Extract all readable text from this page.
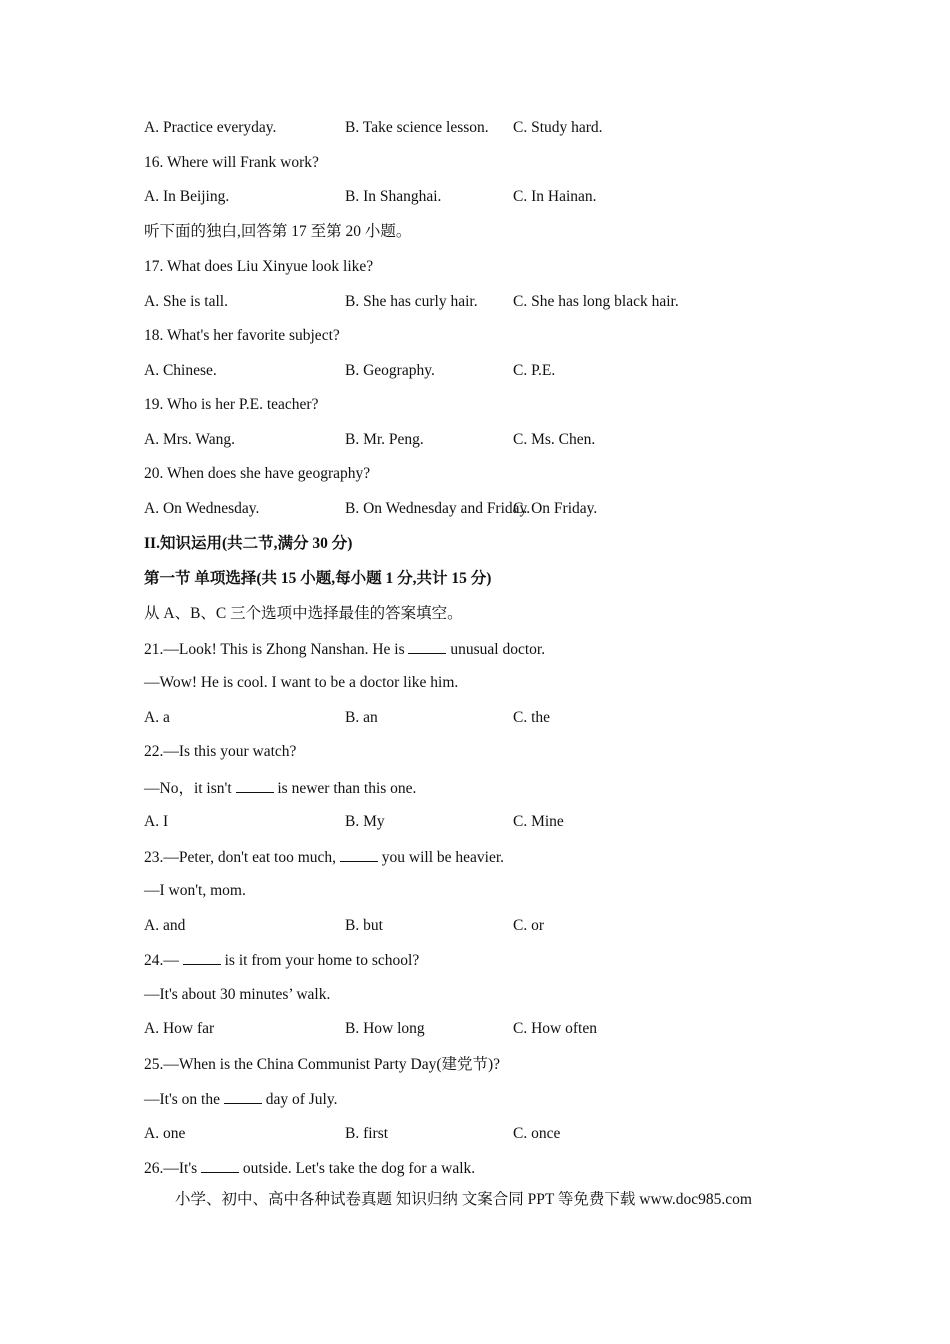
A. Practice everyday.	B. Take science lesson. C. Study hard.
16. Where will Frank work?
A. In Beijing.	B. In Shanghai.	C. In Hainan.
听下面的独白,回答第 17 至第 20 小题。
17. What does Liu Xinyue look like?
A. She is tall.	B. She has curly hair. C. She has long black hair.
18. What's her favorite subject?
A. Chinese.	B. Geography.	C. P.E.
19. Who is her P.E. teacher?
A. Mrs. Wang.	B. Mr. Peng.	C. Ms. Chen.
20. When does she have geography?
A. On Wednesday.	B. On Wednesday and Friday.
C. On Friday.
II.知识运用(共二节,满分 30 分)
第一节 单项选择(共 15 小题,每小题 1 分,共计 15 分)
从 A、B、C 三个选项中选择最佳的答案填空。
21.—Look! This is Zhong Nanshan. He is  unusual doctor.
—Wow! He is cool. I want to be a doctor like him.
A. a	B. an	C. the
22.—Is this your watch?
—No，it isn't  is newer than this one.
A. I	B. My	C. Mine
23.—Peter, don't eat too much,  you will be heavier.
—I won't, mom.
A. and	B. but	C. or
24.—  is it from your home to school?
—It's about 30 minutes’ walk.
A. How far	B. How long	C. How often
25.—When is the China Communist Party Day(建党节)?
—It's on the  day of July.
A. one	B. first	C. once
26.—It's  outside. Let's take the dog for a walk.
小学、初中、高中各种试卷真题 知识归纳 文案合同 PPT 等免费下载 www.doc985.com
